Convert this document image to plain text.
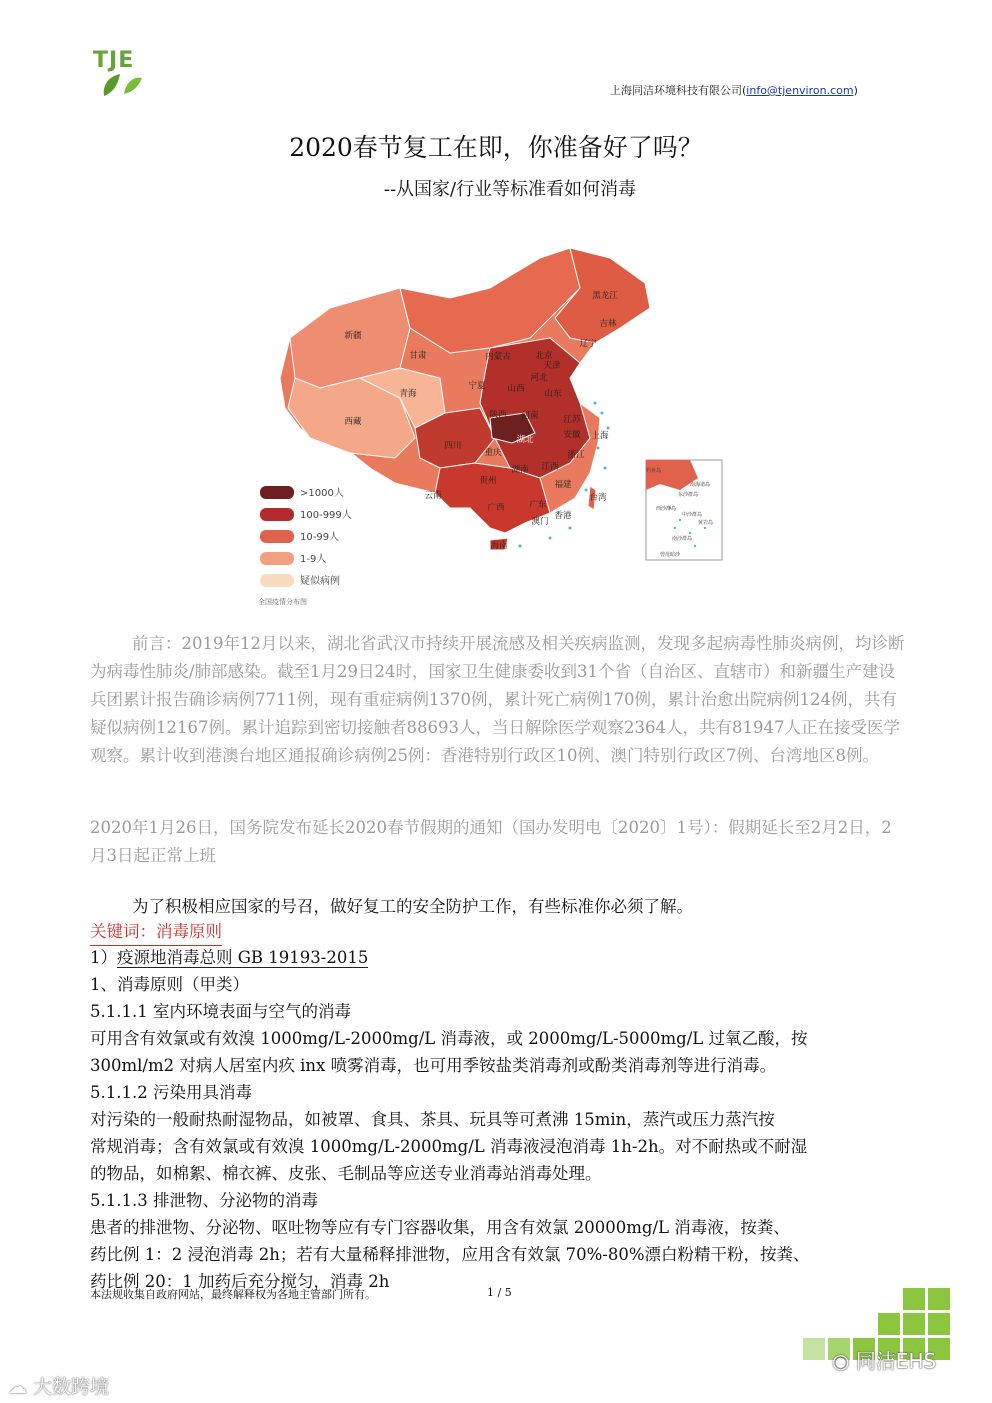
TJE
上海同洁环境科技有限公司(info@tjenviron.com)
2020春节复工在即，你准备好了吗？
--从国家/行业等标准看如何消毒
黑龙江
吉林
辽宁
北京
天津
河北
内蒙古
新疆
甘肃
宁夏	山西 山东
青海
陕西 河南	江苏
上海
西藏
四川
湖北	安徽
重庆
湖南 江西
浙江
贵州
云南
广西
福建
广东
台湾
澳门
香港
海南
南海诸岛
钓鱼岛
东沙群岛
西沙群岛
中沙群岛
南沙群岛
黄岩岛
曾母暗沙
>1000人
100-999人
10-99人
1-9人
疑似病例
全国疫情分布图
前言：2019年12月以来，湖北省武汉市持续开展流感及相关疾病监测，发现多起病毒性肺炎病例，均诊断为病毒性肺炎/肺部感染。截至1月29日24时，国家卫生健康委收到31个省（自治区、直辖市）和新疆生产建设兵团累计报告确诊病例7711例，现有重症病例1370例，累计死亡病例170例，累计治愈出院病例124例，共有疑似病例12167例。累计追踪到密切接触者88693人，当日解除医学观察2364人，共有81947人正在接受医学观察。累计收到港澳台地区通报确诊病例25例：香港特别行政区10例、澳门特别行政区7例、台湾地区8例。
2020年1月26日，国务院发布延长2020春节假期的通知（国办发明电〔2020〕1号）：假期延长至2月2日，2月3日起正常上班
为了积极相应国家的号召，做好复工的安全防护工作，有些标准你必须了解。
关键词：消毒原则
1）疫源地消毒总则 GB 19193-2015
1、消毒原则（甲类）
5.1.1.1 室内环境表面与空气的消毒
可用含有效氯或有效溴 1000mg/L-2000mg/L 消毒液，或 2000mg/L-5000mg/L 过氧乙酸，按
300ml/m2 对病人居室内疚 inx 喷雾消毒，也可用季铵盐类消毒剂或酚类消毒剂等进行消毒。
5.1.1.2 污染用具消毒
对污染的一般耐热耐湿物品，如被罩、食具、茶具、玩具等可煮沸 15min，蒸汽或压力蒸汽按
常规消毒；含有效氯或有效溴 1000mg/L-2000mg/L 消毒液浸泡消毒 1h-2h。对不耐热或不耐湿
的物品，如棉絮、棉衣裤、皮张、毛制品等应送专业消毒站消毒处理。
5.1.1.3 排泄物、分泌物的消毒
患者的排泄物、分泌物、呕吐物等应有专门容器收集，用含有效氯 20000mg/L 消毒液，按粪、
药比例 1：2 浸泡消毒 2h；若有大量稀释排泄物，应用含有效氯 70%-80%漂白粉精干粉，按粪、
药比例 20：1 加药后充分搅匀，消毒 2h
本法规收集自政府网站，最终解释权为各地主管部门所有。	1 / 5
☁ 大数跨境
◉ 同洁EHS
